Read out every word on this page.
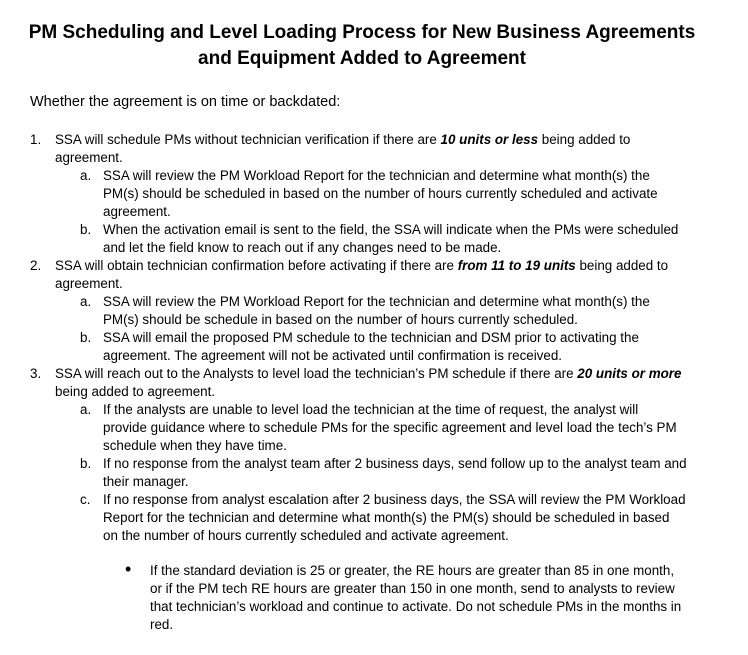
PM Scheduling and Level Loading Process for New Business Agreements
and Equipment Added to Agreement
Whether the agreement is on time or backdated:
1. SSA will schedule PMs without technician verification if there are 10 units or less being added to
agreement.
a. SSA will review the PM Workload Report for the technician and determine what month(s) the
PM(s) should be scheduled in based on the number of hours currently scheduled and activate
agreement.
b. When the activation email is sent to the field, the SSA will indicate when the PMs were scheduled
and let the field know to reach out if any changes need to be made.
2. SSA will obtain technician confirmation before activating if there are from 11 to 19 units being added to
agreement.
a. SSA will review the PM Workload Report for the technician and determine what month(s) the
PM(s) should be schedule in based on the number of hours currently scheduled.
b. SSA will email the proposed PM schedule to the technician and DSM prior to activating the
agreement. The agreement will not be activated until confirmation is received.
3. SSA will reach out to the Analysts to level load the technician’s PM schedule if there are 20 units or more
being added to agreement.
a. If the analysts are unable to level load the technician at the time of request, the analyst will
provide guidance where to schedule PMs for the specific agreement and level load the tech’s PM
schedule when they have time.
b. If no response from the analyst team after 2 business days, send follow up to the analyst team and
their manager.
c. If no response from analyst escalation after 2 business days, the SSA will review the PM Workload
Report for the technician and determine what month(s) the PM(s) should be scheduled in based
on the number of hours currently scheduled and activate agreement.
• If the standard deviation is 25 or greater, the RE hours are greater than 85 in one month,
or if the PM tech RE hours are greater than 150 in one month, send to analysts to review
that technician’s workload and continue to activate. Do not schedule PMs in the months in
red.
